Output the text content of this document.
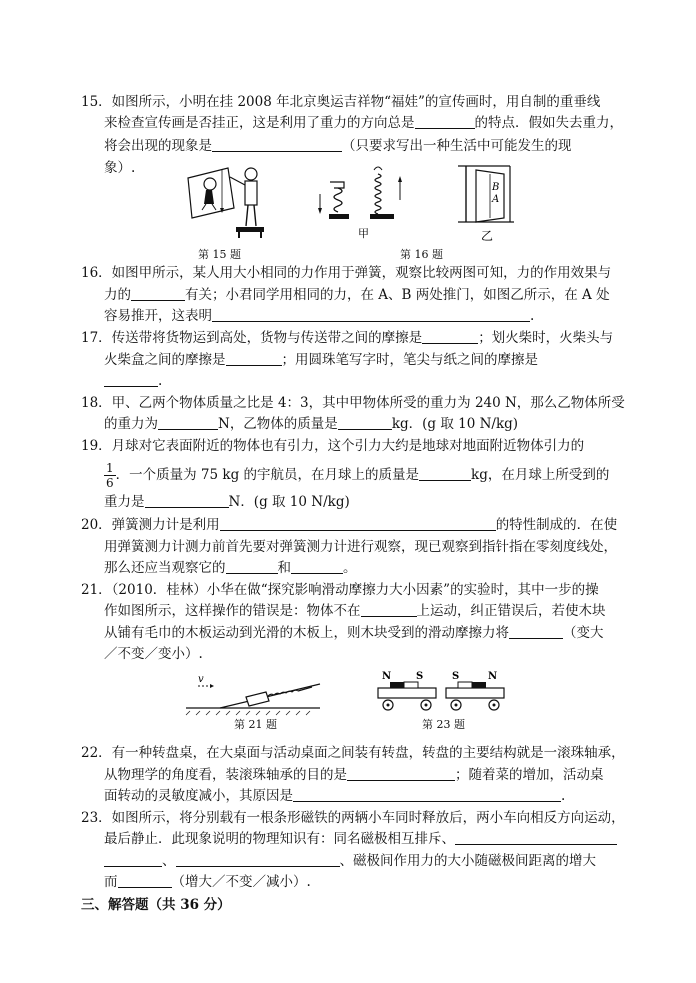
15．如图所示，小明在挂 2008 年北京奥运吉祥物“福娃”的宣传画时，用自制的重垂线
来检查宣传画是否挂正，这是利用了重力的方向总是	的特点．假如失去重力，
将会出现的现象是	（只要求写出一种生活中可能发生的现
象）.
甲
B
A
乙
第 15 题	第 16 题
16．如图甲所示，某人用大小相同的力作用于弹簧，观察比较两图可知，力的作用效果与
力的	有关；小君同学用相同的力，在 A、B 两处推门，如图乙所示，在 A 处
容易推开，这表明	.
17．传送带将货物运到高处，货物与传送带之间的摩擦是	；划火柴时，火柴头与
火柴盒之间的摩擦是	；用圆珠笔写字时，笔尖与纸之间的摩擦是
.
18．甲、乙两个物体质量之比是 4：3，其中甲物体所受的重力为 240 N，那么乙物体所受
的重力为	N，乙物体的质量是	kg．(g 取 10 N/kg)
19．月球对它表面附近的物体也有引力，这个引力大约是地球对地面附近物体引力的
$\frac{1}{6}$ ．一个质量为 75 kg 的宇航员，在月球上的质量是	kg，在月球上所受到的
重力是	N．(g 取 10 N/kg)
20．弹簧测力计是利用	的特性制成的．在使
用弹簧测力计测力前首先要对弹簧测力计进行观察，现已观察到指针指在零刻度线处，
那么还应当观察它的	和	。
21．（2010．桂林）小华在做“探究影响滑动摩擦力大小因素”的实验时，其中一步的操
作如图所示，这样操作的错误是：物体不在	上运动，纠正错误后，若使木块
从铺有毛巾的木板运动到光滑的木板上，则木块受到的滑动摩擦力将	（变大
／不变／变小）.
v	N S	S	N
第 21 题	第 23 题
22．有一种转盘桌，在大桌面与活动桌面之间装有转盘，转盘的主要结构就是一滚珠轴承，
从物理学的角度看，装滚珠轴承的目的是	；随着菜的增加，活动桌
面转动的灵敏度减小，其原因是	.
23．如图所示，将分别载有一根条形磁铁的两辆小车同时释放后，两小车向相反方向运动，
最后静止．此现象说明的物理知识有：同名磁极相互排斥、
、	、磁极间作用力的大小随磁极间距离的增大
而	（增大／不变／减小）.
三、解答题（共 36 分）
